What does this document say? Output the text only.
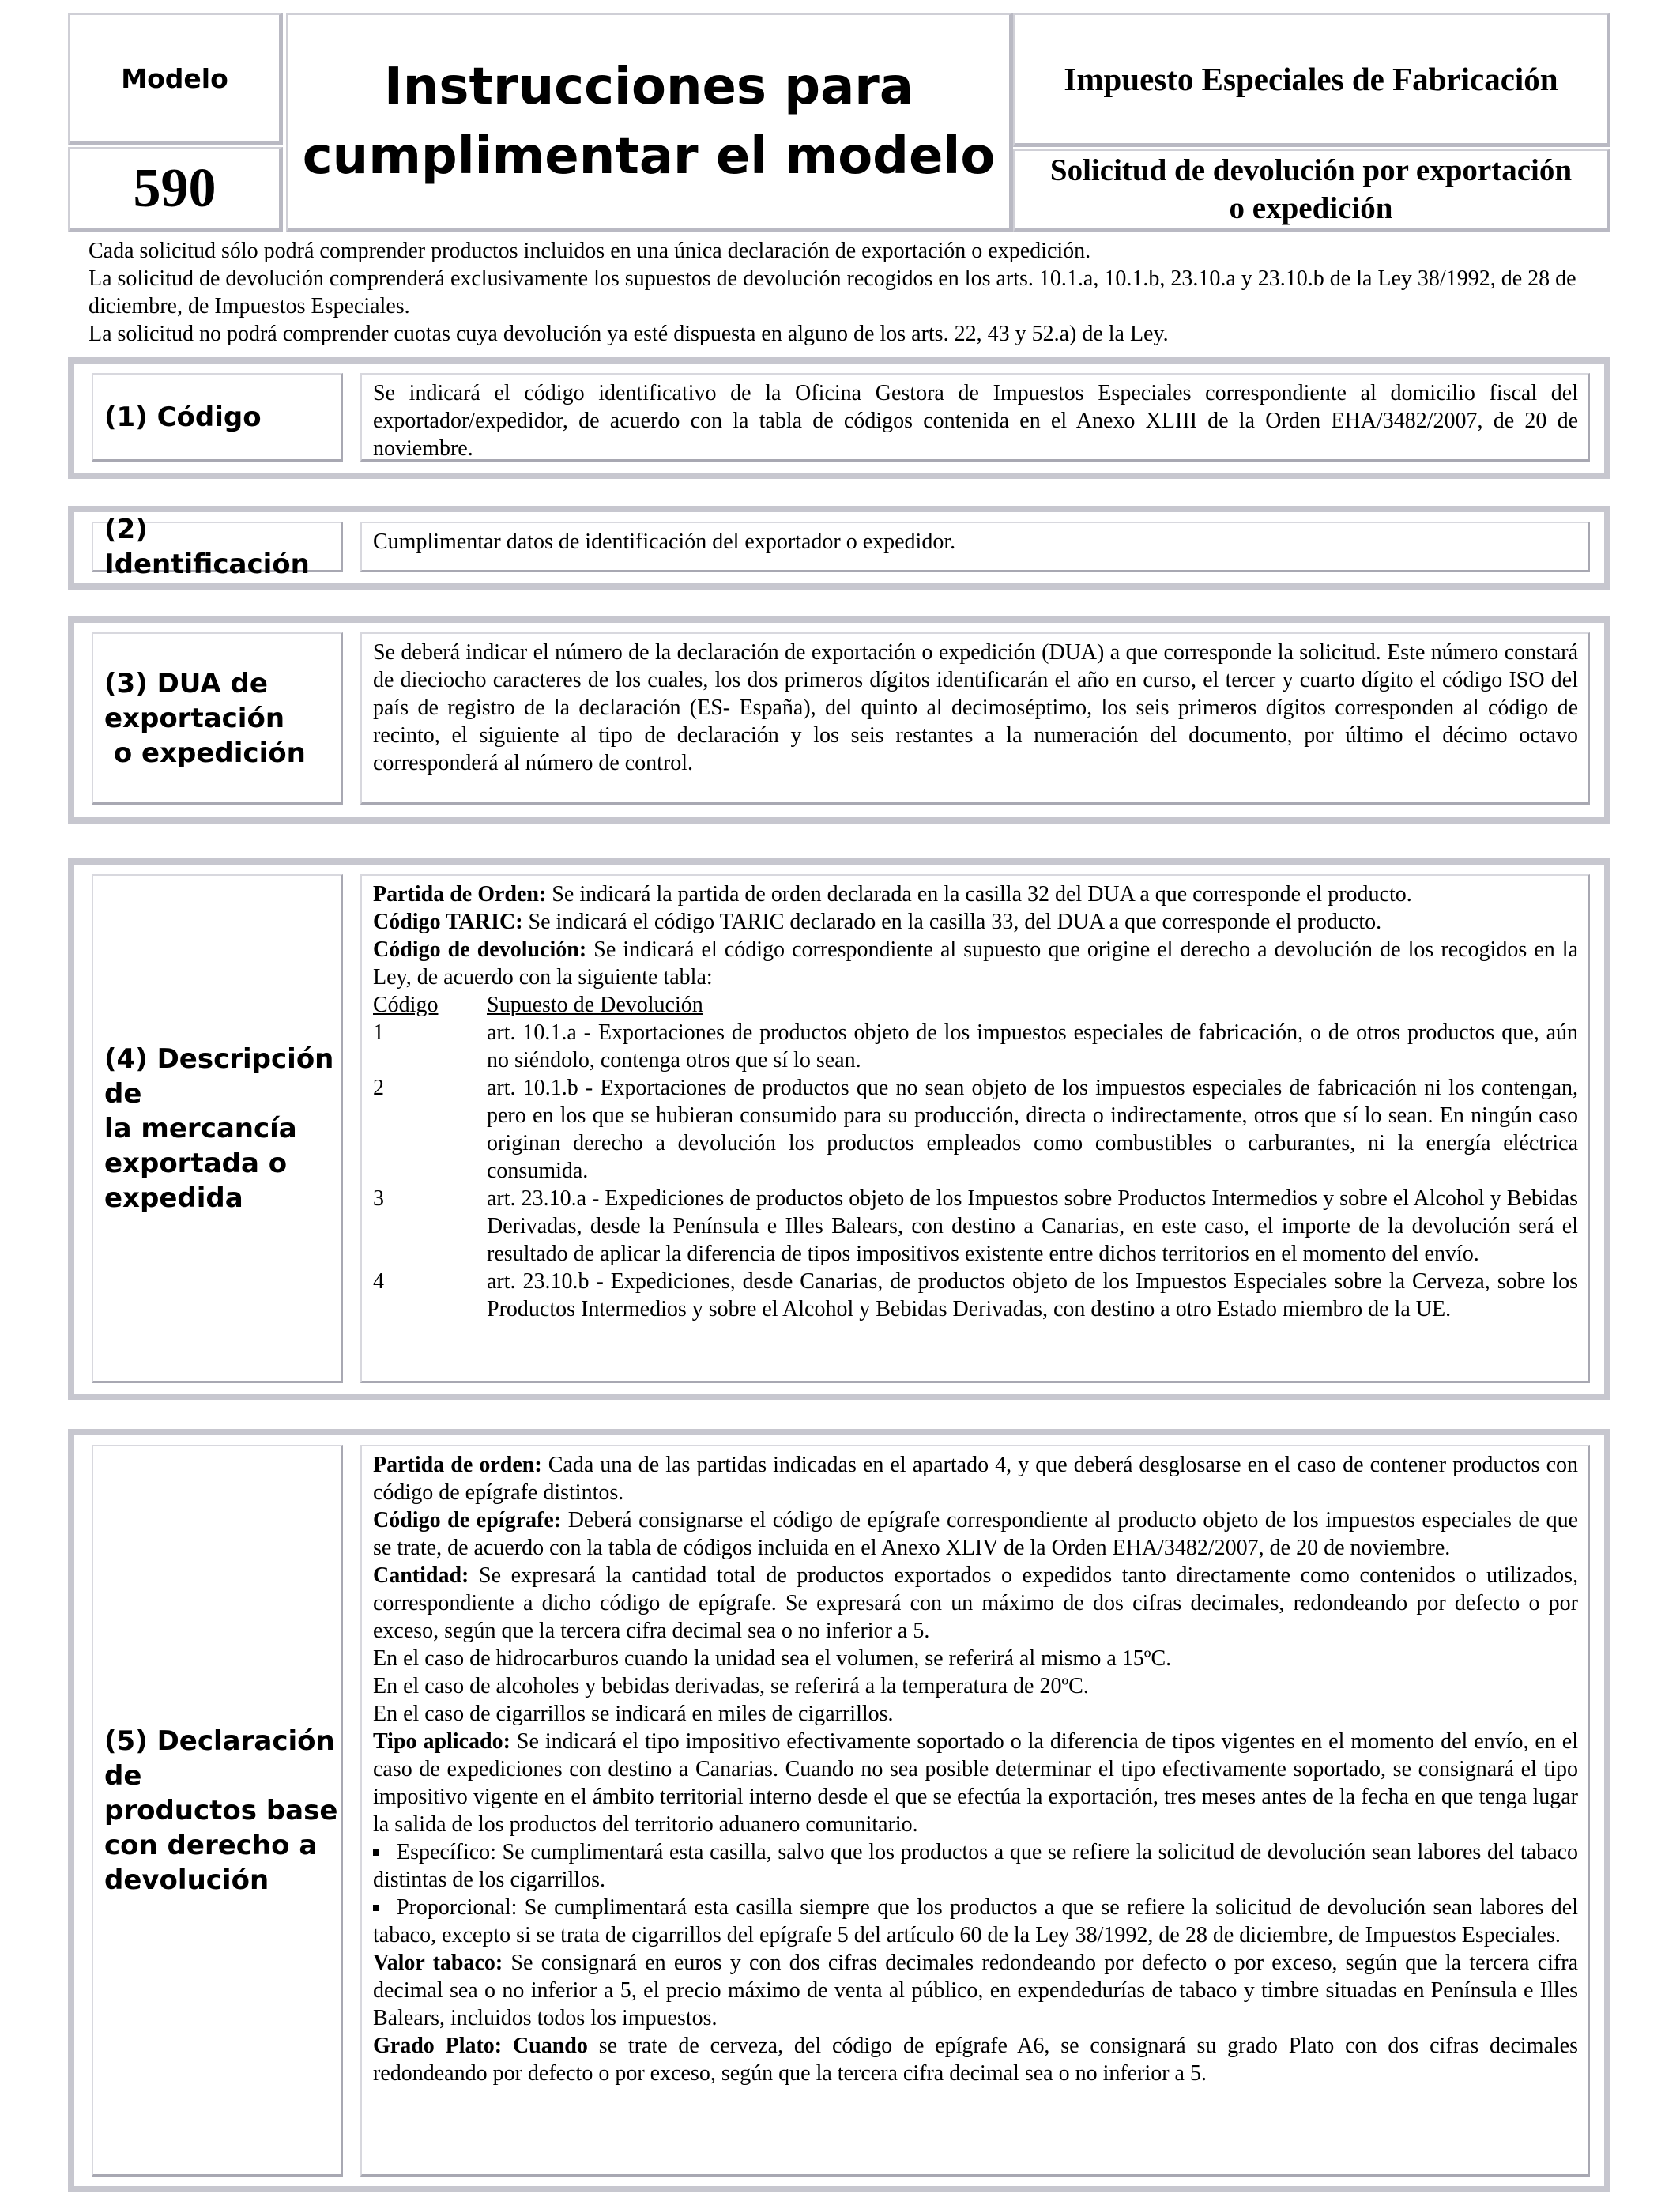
Modelo
590
Instrucciones para
cumplimentar el modelo
Impuesto Especiales de Fabricación
Solicitud de devolución por exportación
o expedición

Cada solicitud sólo podrá comprender productos incluidos en una única declaración de exportación o expedición.

La solicitud de devolución comprenderá exclusivamente los supuestos de devolución recogidos en los arts. 10.1.a, 10.1.b, 23.10.a y 23.10.b de la Ley 38/1992, de 28 de diciembre, de Impuestos Especiales.

La solicitud no podrá comprender cuotas cuya devolución ya esté dispuesta en alguno de los arts. 22, 43 y 52.a) de la Ley.

(1) Código
Se indicará el código identificativo de la Oficina Gestora de Impuestos Especiales correspondiente al domicilio fiscal del exportador/expedidor, de acuerdo con la tabla de códigos contenida en el Anexo XLIII de la Orden EHA/3482/2007, de 20 de noviembre.
(2) Identificación
Cumplimentar datos de identificación del exportador o expedidor.
(3) DUA de
exportación
o expedición
Se deberá indicar el número de la declaración de exportación o expedición (DUA) a que corresponde la solicitud. Este número constará de dieciocho caracteres de los cuales, los dos primeros dígitos identificarán el año en curso, el tercer y cuarto dígito el código ISO del país de registro de la declaración (ES- España), del quinto al decimoséptimo, los seis primeros dígitos corresponden al código de recinto, el siguiente al tipo de declaración y los seis restantes a la numeración del documento, por último el décimo octavo corresponderá al número de control.
(4) Descripción de
la mercancía
exportada o
expedida

Partida de Orden: Se indicará la partida de orden declarada en la casilla 32 del DUA a que corresponde el producto.

Código TARIC: Se indicará el código TARIC declarado en la casilla 33, del DUA a que corresponde el producto.

Código de devolución: Se indicará el código correspondiente al supuesto que origine el derecho a devolución de los recogidos en la Ley, de acuerdo con la siguiente tabla:

Código	Supuesto de Devolución
1	art. 10.1.a - Exportaciones de productos objeto de los impuestos especiales de fabricación, o de otros productos que, aún no siéndolo, contenga otros que sí lo sean.
2	art. 10.1.b - Exportaciones de productos que no sean objeto de los impuestos especiales de fabricación ni los contengan, pero en los que se hubieran consumido para su producción, directa o indirectamente, otros que sí lo sean. En ningún caso originan derecho a devolución los productos empleados como combustibles o carburantes, ni la energía eléctrica consumida.
3	art. 23.10.a - Expediciones de productos objeto de los Impuestos sobre Productos Intermedios y sobre el Alcohol y Bebidas Derivadas, desde la Península e Illes Balears, con destino a Canarias, en este caso, el importe de la devolución será el resultado de aplicar la diferencia de tipos impositivos existente entre dichos territorios en el momento del envío.
4	art. 23.10.b - Expediciones, desde Canarias, de productos objeto de los Impuestos Especiales sobre la Cerveza, sobre los Productos Intermedios y sobre el Alcohol y Bebidas Derivadas, con destino a otro Estado miembro de la UE.
(5) Declaración de
productos base
con derecho a
devolución

Partida de orden: Cada una de las partidas indicadas en el apartado 4, y que deberá desglosarse en el caso de contener productos con código de epígrafe distintos.

Código de epígrafe: Deberá consignarse el código de epígrafe correspondiente al producto objeto de los impuestos especiales de que se trate, de acuerdo con la tabla de códigos incluida en el Anexo XLIV de la Orden EHA/3482/2007, de 20 de noviembre.

Cantidad: Se expresará la cantidad total de productos exportados o expedidos tanto directamente como contenidos o utilizados, correspondiente a dicho código de epígrafe. Se expresará con un máximo de dos cifras decimales, redondeando por defecto o por exceso, según que la tercera cifra decimal sea o no inferior a 5.

En el caso de hidrocarburos cuando la unidad sea el volumen, se referirá al mismo a 15ºC.

En el caso de alcoholes y bebidas derivadas, se referirá a la temperatura de 20ºC.

En el caso de cigarrillos se indicará en miles de cigarrillos.

Tipo aplicado: Se indicará el tipo impositivo efectivamente soportado o la diferencia de tipos vigentes en el momento del envío, en el caso de expediciones con destino a Canarias. Cuando no sea posible determinar el tipo efectivamente soportado, se consignará el tipo impositivo vigente en el ámbito territorial interno desde el que se efectúa la exportación, tres meses antes de la fecha en que tenga lugar la salida de los productos del territorio aduanero comunitario.

Específico: Se cumplimentará esta casilla, salvo que los productos a que se refiere la solicitud de devolución sean labores del tabaco distintas de los cigarrillos.

Proporcional: Se cumplimentará esta casilla siempre que los productos a que se refiere la solicitud de devolución sean labores del tabaco, excepto si se trata de cigarrillos del epígrafe 5 del artículo 60 de la Ley 38/1992, de 28 de diciembre, de Impuestos Especiales.

Valor tabaco: Se consignará en euros y con dos cifras decimales redondeando por defecto o por exceso, según que la tercera cifra decimal sea o no inferior a 5, el precio máximo de venta al público, en expendedurías de tabaco y timbre situadas en Península e Illes Balears, incluidos todos los impuestos.

Grado Plato: Cuando se trate de cerveza, del código de epígrafe A6, se consignará su grado Plato con dos cifras decimales redondeando por defecto o por exceso, según que la tercera cifra decimal sea o no inferior a 5.
